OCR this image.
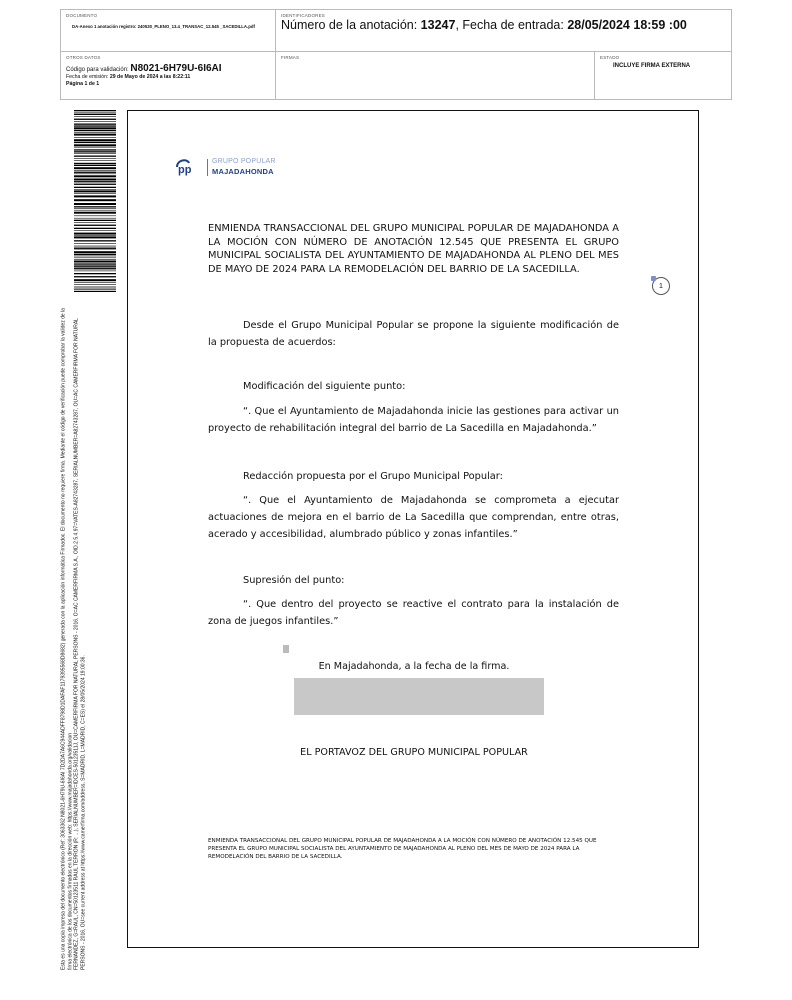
DOCUMENTO
DA-Anexo 1 anotación registro: 240530_PLENO_13.4_TRANSAC_12.545 _SACEDILLA.pdf
IDENTIFICADORES
Número de la anotación: 13247, Fecha de entrada: 28/05/2024 18:59 :00
OTROS DATOS
Código para validación: N8021-6H79U-6I6AI
Fecha de emisión: 29 de Mayo de 2024 a las 8:22:11
Página 1 de 1
FIRMAS	ESTADO
INCLUYE FIRMA EXTERNA
Esta es una copia impresa del documento electrónico (Ref: 3063362 N8021-6H79U-6I6AI 7D2DA7A6C944ADFF8798D1DAFAF1179395568D8682) generada con la aplicación informática Firmadoc. El documento no requiere firma. Mediante el código de verificación puede comprobar la validez de la firma electrónica de los documentos firmados en la dirección web: https://www.majadahonda.org/validacion FERNANDEZ, G=RAUL, CN=50123511 RAUL TERRON (R: ...), SERIALNUMBER=IDCES-50123511J, OU=CAMERFIRMA FOR NATURAL PERSONS - 2016, O=AC CAMERFIRMA S.A., OID.2.5.4.97=VATES-A82743287, SERIALNUMBER=A82743287, OU=AC CAMERFIRMA FOR NATURAL PERSONS - 2016, OU=see current address at https://www.camerfirma.com/address, S=MADRID, L=MADRID, C=ES) el 28/05/2024 19:00:36.
pp
GRUPO POPULAR
MAJADAHONDA
ENMIENDA TRANSACCIONAL DEL GRUPO MUNICIPAL POPULAR DE MAJADAHONDA A LA MOCIÓN CON NÚMERO DE ANOTACIÓN 12.545 QUE PRESENTA EL GRUPO MUNICIPAL SOCIALISTA DEL AYUNTAMIENTO DE MAJADAHONDA AL PLENO DEL MES DE MAYO DE 2024 PARA LA REMODELACIÓN DEL BARRIO DE LA SACEDILLA.
1
Desde el Grupo Municipal Popular se propone la siguiente modificación de la propuesta de acuerdos:
Modificación del siguiente punto:
“. Que el Ayuntamiento de Majadahonda inicie las gestiones para activar un proyecto de rehabilitación integral del barrio de La Sacedilla en Majadahonda.”
Redacción propuesta por el Grupo Municipal Popular:
“. Que el Ayuntamiento de Majadahonda se comprometa a ejecutar actuaciones de mejora en el barrio de La Sacedilla que comprendan, entre otras, acerado y accesibilidad, alumbrado público y zonas infantiles.”
Supresión del punto:
“. Que dentro del proyecto se reactive el contrato para la instalación de zona de juegos infantiles.”
En Majadahonda, a la fecha de la firma.
EL PORTAVOZ DEL GRUPO MUNICIPAL POPULAR
ENMIENDA TRANSACCIONAL DEL GRUPO MUNICIPAL POPULAR DE MAJADAHONDA A LA MOCIÓN CON NÚMERO DE ANOTACIÓN 12.545 QUE PRESENTA EL GRUPO MUNICIPAL SOCIALISTA DEL AYUNTAMIENTO DE MAJADAHONDA AL PLENO DEL MES DE MAYO DE 2024 PARA LA REMODELACIÓN DEL BARRIO DE LA SACEDILLA.
